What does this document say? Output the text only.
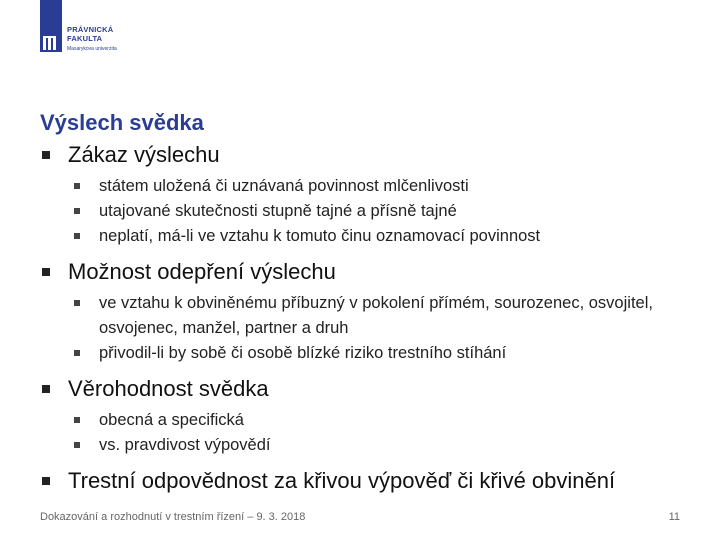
PRÁVNICKÁ
FAKULTA
Masarykova univerzita
Výslech svědka
Zákaz výslechu
státem uložená či uznávaná povinnost mlčenlivosti
utajované skutečnosti stupně tajné a přísně tajné
neplatí, má-li ve vztahu k tomuto činu oznamovací povinnost
Možnost odepření výslechu
ve vztahu k obviněnému příbuzný v pokolení přímém, sourozenec, osvojitel, osvojenec, manžel, partner a druh
přivodil-li by sobě či osobě blízké riziko trestního stíhání
Věrohodnost svědka
obecná a specifická
vs. pravdivost výpovědí
Trestní odpovědnost za křivou výpověď či křivé obvinění
Dokazování a rozhodnutí v trestním řízení – 9. 3. 2018	11
